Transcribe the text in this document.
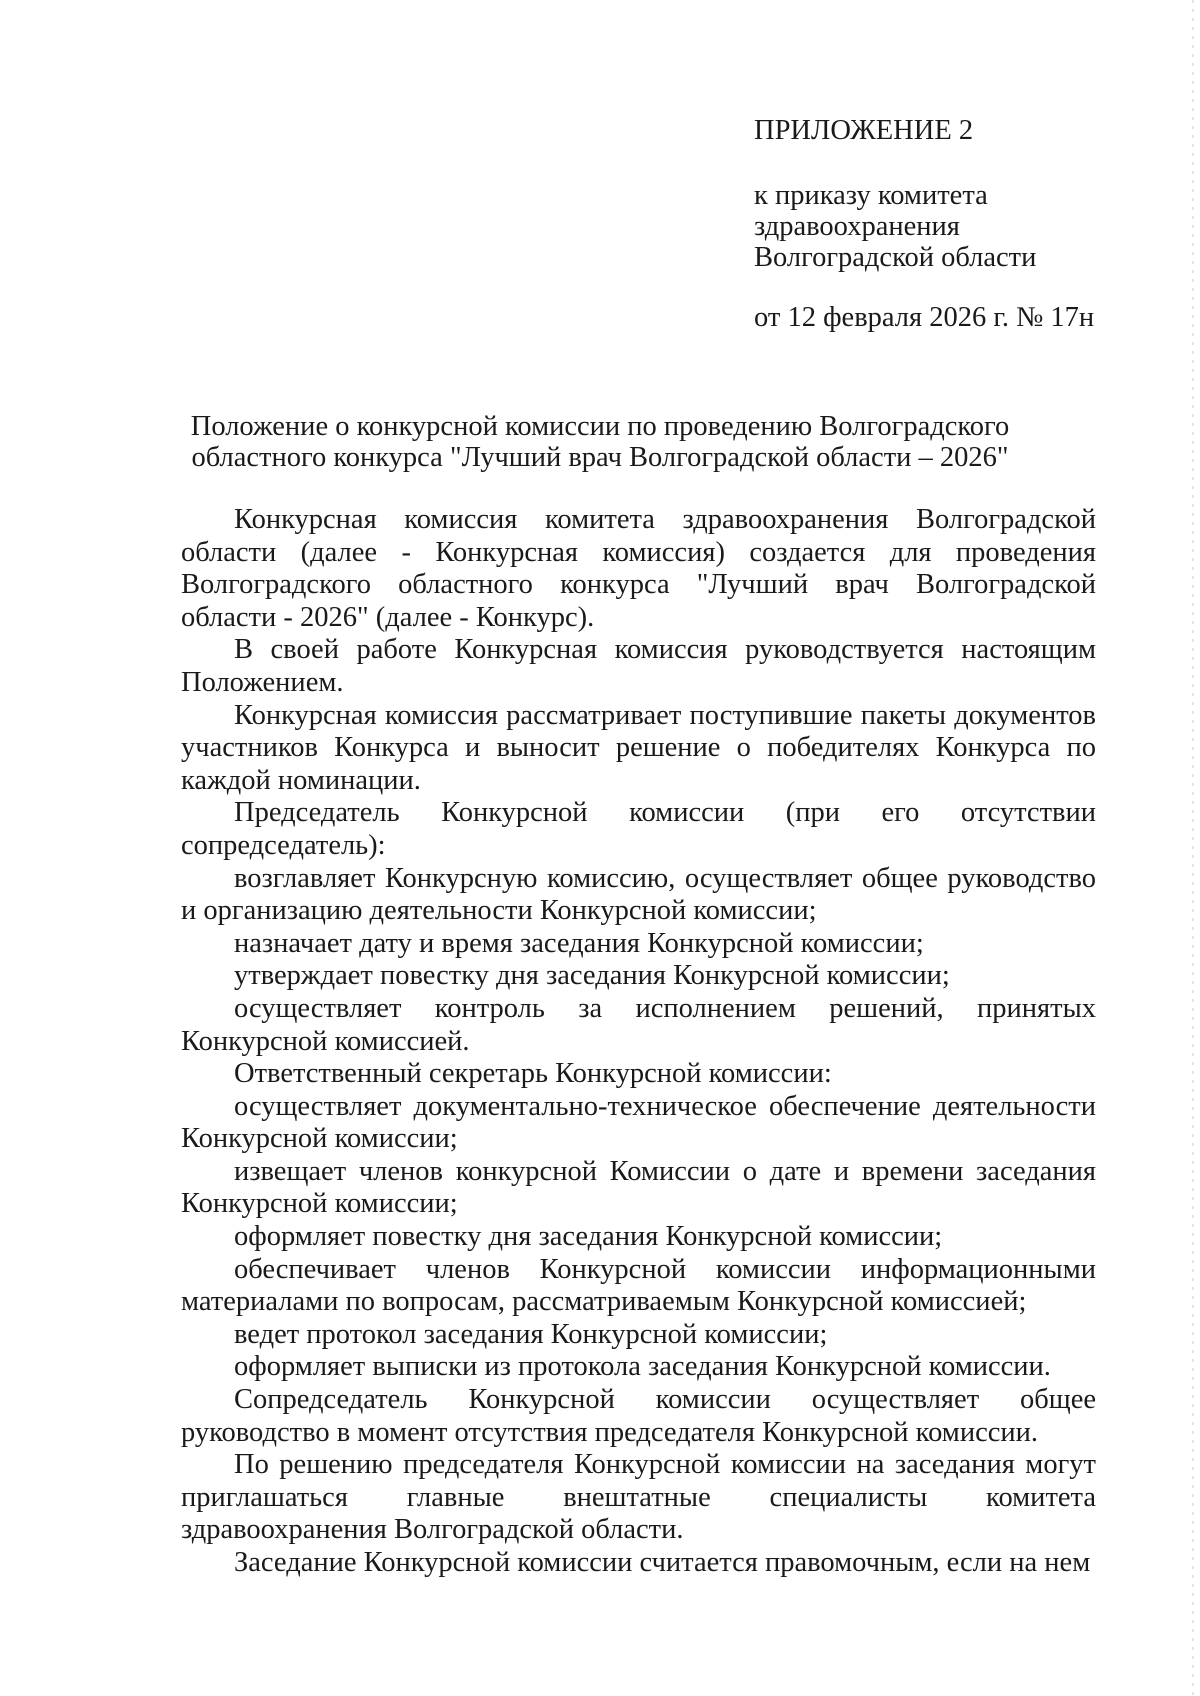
ПРИЛОЖЕНИЕ 2

к приказу комитета
здравоохранения
Волгоградской области

от 12 февраля 2026 г. № 17н

Положение о конкурсной комиссии по проведению Волгоградского
областного конкурса "Лучший врач Волгоградской области – 2026"

Конкурсная комиссия комитета здравоохранения Волгоградской области (далее - Конкурсная комиссия) создается для проведения Волгоградского областного конкурса "Лучший врач Волгоградской области - 2026" (далее - Конкурс).

В своей работе Конкурсная комиссия руководствуется настоящим Положением.

Конкурсная комиссия рассматривает поступившие пакеты документов участников Конкурса и выносит решение о победителях Конкурса по каждой номинации.

Председатель Конкурсной комиссии (при его отсутствии сопредседатель):

возглавляет Конкурсную комиссию, осуществляет общее руководство и организацию деятельности Конкурсной комиссии;

назначает дату и время заседания Конкурсной комиссии;

утверждает повестку дня заседания Конкурсной комиссии;

осуществляет контроль за исполнением решений, принятых Конкурсной комиссией.

Ответственный секретарь Конкурсной комиссии:

осуществляет документально-техническое обеспечение деятельности Конкурсной комиссии;

извещает членов конкурсной Комиссии о дате и времени заседания Конкурсной комиссии;

оформляет повестку дня заседания Конкурсной комиссии;

обеспечивает членов Конкурсной комиссии информационными материалами по вопросам, рассматриваемым Конкурсной комиссией;

ведет протокол заседания Конкурсной комиссии;

оформляет выписки из протокола заседания Конкурсной комиссии.

Сопредседатель Конкурсной комиссии осуществляет общее руководство в момент отсутствия председателя Конкурсной комиссии.

По решению председателя Конкурсной комиссии на заседания могут приглашаться главные внештатные специалисты комитета здравоохранения Волгоградской области.

Заседание Конкурсной комиссии считается правомочным, если на нем
